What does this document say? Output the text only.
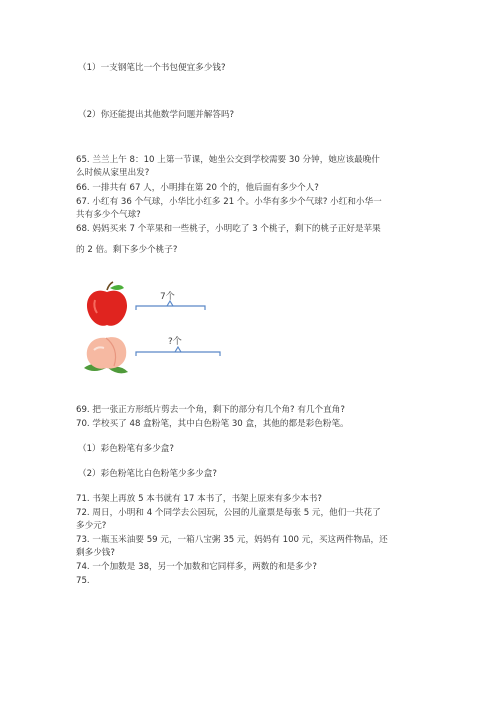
（1）一支钢笔比一个书包便宜多少钱?
（2）你还能提出其他数学问题并解答吗?
65. 兰兰上午 8：10 上第一节课，她坐公交到学校需要 30 分钟，她应该最晚什
么时候从家里出发?
66. 一排共有 67 人，小明排在第 20 个的，他后面有多少个人?
67. 小红有 36 个气球，小华比小红多 21 个。小华有多少个气球? 小红和小华一
共有多少个气球?
68. 妈妈买来 7 个苹果和一些桃子，小明吃了 3 个桃子，剩下的桃子正好是苹果
的 2 倍。剩下多少个桃子?
7个
?个
69. 把一张正方形纸片剪去一个角，剩下的部分有几个角? 有几个直角?
70. 学校买了 48 盒粉笔，其中白色粉笔 30 盒，其他的都是彩色粉笔。
（1）彩色粉笔有多少盒?
（2）彩色粉笔比白色粉笔少多少盒?
71. 书架上再放 5 本书就有 17 本书了，书架上原来有多少本书?
72. 周日，小明和 4 个同学去公园玩，公园的儿童票是每张 5 元，他们一共花了
多少元?
73. 一瓶玉米油要 59 元，一箱八宝粥 35 元，妈妈有 100 元，买这两件物品，还
剩多少钱?
74. 一个加数是 38，另一个加数和它同样多，两数的和是多少?
75.
